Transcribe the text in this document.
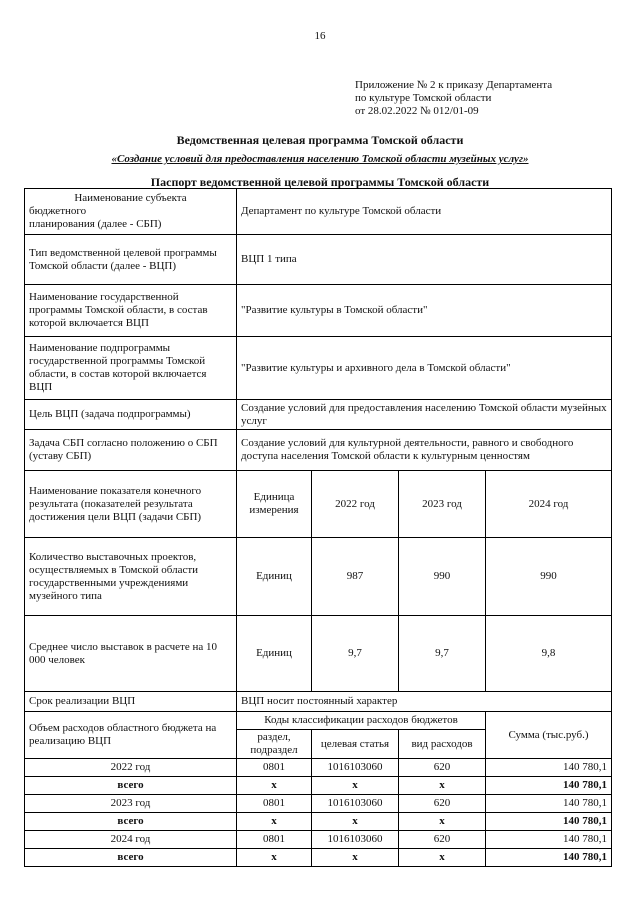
16
Приложение № 2 к приказу Департамента
по культуре Томской области
от 28.02.2022 № 012/01-09
Ведомственная целевая программа Томской области
«Создание условий для предоставления населению Томской области музейных услуг»
Паспорт ведомственной целевой программы Томской области
Наименование субъекта
бюджетного
планирования (далее - СБП)	Департамент по культуре Томской области			
Тип ведомственной целевой программы Томской области (далее - ВЦП)	ВЦП 1 типа			
Наименование государственной программы Томской области, в состав которой включается ВЦП	"Развитие культуры в Томской области"			
Наименование подпрограммы государственной программы Томской области, в состав которой включается ВЦП	"Развитие культуры и архивного дела в Томской области"			
Цель ВЦП (задача подпрограммы)	Создание условий для предоставления населению Томской области музейных услуг			
Задача СБП согласно положению о СБП (уставу СБП)	Создание условий для культурной деятельности, равного и свободного доступа населения Томской области к культурным ценностям			
Наименование показателя конечного результата (показателей результата достижения цели ВЦП (задачи СБП)	Единица измерения	2022 год	2023 год	2024 год
Количество выставочных проектов, осуществляемых в Томской области государственными учреждениями музейного типа	Единиц	987	990	990
Среднее число выставок в расчете на 10 000 человек	Единиц	9,7	9,7	9,8
Срок реализации ВЦП	ВЦП носит постоянный характер			
Объем расходов областного бюджета на реализацию ВЦП	Коды классификации расходов бюджетов			Сумма (тыс.руб.)
	раздел, подраздел	целевая статья	вид расходов	
2022 год	0801	1016103060	620	140 780,1
всего	х	х	х	140 780,1
2023 год	0801	1016103060	620	140 780,1
всего	х	х	х	140 780,1
2024 год	0801	1016103060	620	140 780,1
всего	х	х	х	140 780,1
